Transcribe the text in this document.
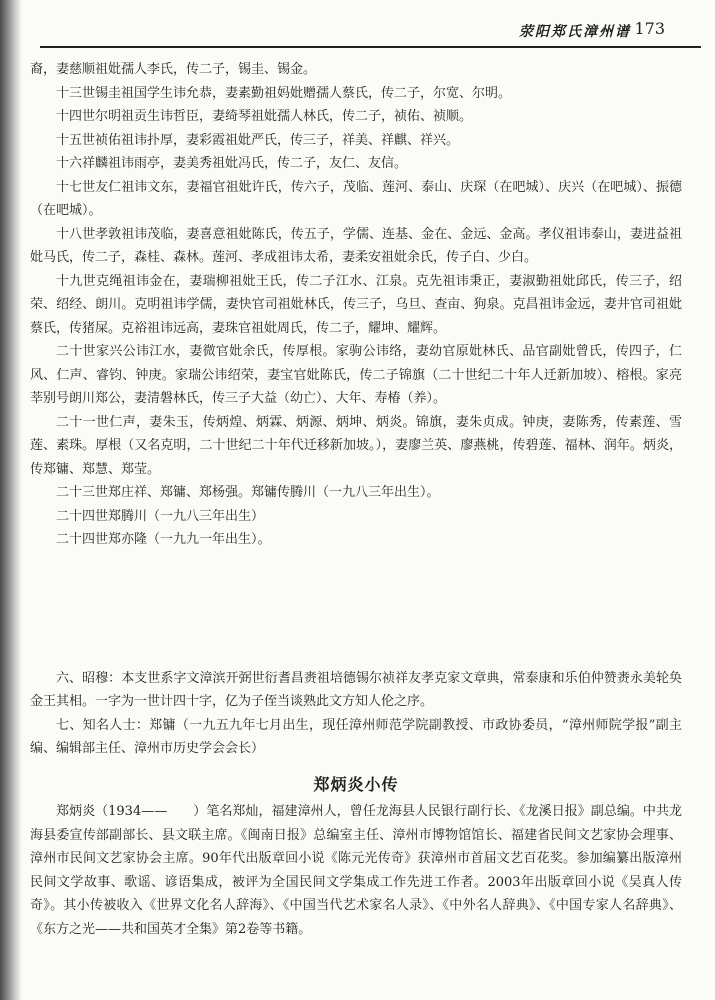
荥阳郑氏漳州谱 173

裔，妻慈顺祖妣孺人李氏，传二子，锡圭、锡金。

十三世锡圭祖国学生讳允恭，妻素勤祖妈妣赠孺人蔡氏，传二子，尔宽、尔明。

十四世尔明祖贡生讳哲臣，妻绮琴祖妣孺人林氏，传二子，祯佑、祯顺。

十五世祯佑祖讳扑厚，妻彩霞祖妣严氏，传三子，祥美、祥麒、祥兴。

十六祥麟祖讳雨亭，妻美秀祖妣冯氏，传二子，友仁、友信。

十七世友仁祖讳文东，妻福官祖妣许氏，传六子，茂临、莲河、泰山、庆琛（在吧城）、庆兴（在吧城）、振德（在吧城）。

十八世孝敦祖讳茂临，妻喜意祖妣陈氏，传五子，学儒、连基、金在、金远、金高。孝仪祖讳泰山，妻进益祖妣马氏，传二子，森桂、森林。莲河、孝成祖讳太希，妻柔安祖妣余氏，传子白、少白。

十九世克绳祖讳金在，妻瑞柳祖妣王氏，传二子江水、江泉。克先祖讳秉正，妻淑勤祖妣邱氏，传三子，绍荣、绍经、朗川。克明祖讳学儒，妻快官司祖妣林氏，传三子，乌旦、查亩、狗泉。克昌祖讳金远，妻井官司祖妣蔡氏，传猪屎。克裕祖讳远高，妻珠官祖妣周氏，传二子，耀坤、耀辉。

二十世家兴公讳江水，妻微官妣余氏，传厚根。家驹公讳络，妻幼官原妣林氏、品官副妣曾氏，传四子，仁风、仁声、睿钧、钟庚。家瑞公讳绍荣，妻宝官妣陈氏，传二子锦旗（二十世纪二十年人迁新加坡）、榕根。家亮莘别号朗川郑公，妻清磐林氏，传三子大益（幼亡）、大年、寿椿（养）。

二十一世仁声，妻朱玉，传炳煌、炳霖、炳源、炳坤、炳炎。锦旗，妻朱贞成。钟庚，妻陈秀，传素莲、雪莲、素珠。厚根（又名克明，二十世纪二十年代迁移新加坡。），妻廖兰英、廖燕桃，传碧莲、福林、润年。炳炎，传郑镛、郑慧、郑莹。

二十三世郑庄祥、郑镛、郑杨强。郑镛传腾川（一九八三年出生）。

二十四世郑腾川（一九八三年出生）

二十四世郑亦隆（一九九一年出生）。

六、昭穆：本支世系字文漳滨开弼世衍耆昌赉祖培德锡尔祯祥友孝克家文章典，常泰康和乐伯仲赞赉永美轮奂金王其相。一字为一世计四十字，亿为子侄当谈熟此文方知人伦之序。

七、知名人士：郑镛（一九五九年七月出生，现任漳州师范学院副教授、市政协委员，“漳州师院学报”副主编、编辑部主任、漳州市历史学会会长）

郑炳炎小传

郑炳炎（1934——　　）笔名郑灿，福建漳州人，曾任龙海县人民银行副行长、《龙溪日报》副总编。中共龙海县委宣传部副部长、县文联主席。《闽南日报》总编室主任、漳州市博物馆馆长、福建省民间文艺家协会理事、漳州市民间文艺家协会主席。90年代出版章回小说《陈元光传奇》获漳州市首届文艺百花奖。参加编纂出版漳州民间文学故事、歌谣、谚语集成，被评为全国民间文学集成工作先进工作者。2003年出版章回小说《吴真人传奇》。其小传被收入《世界文化名人辞海》、《中国当代艺术家名人录》、《中外名人辞典》、《中国专家人名辞典》、《东方之光——共和国英才全集》第2卷等书籍。
